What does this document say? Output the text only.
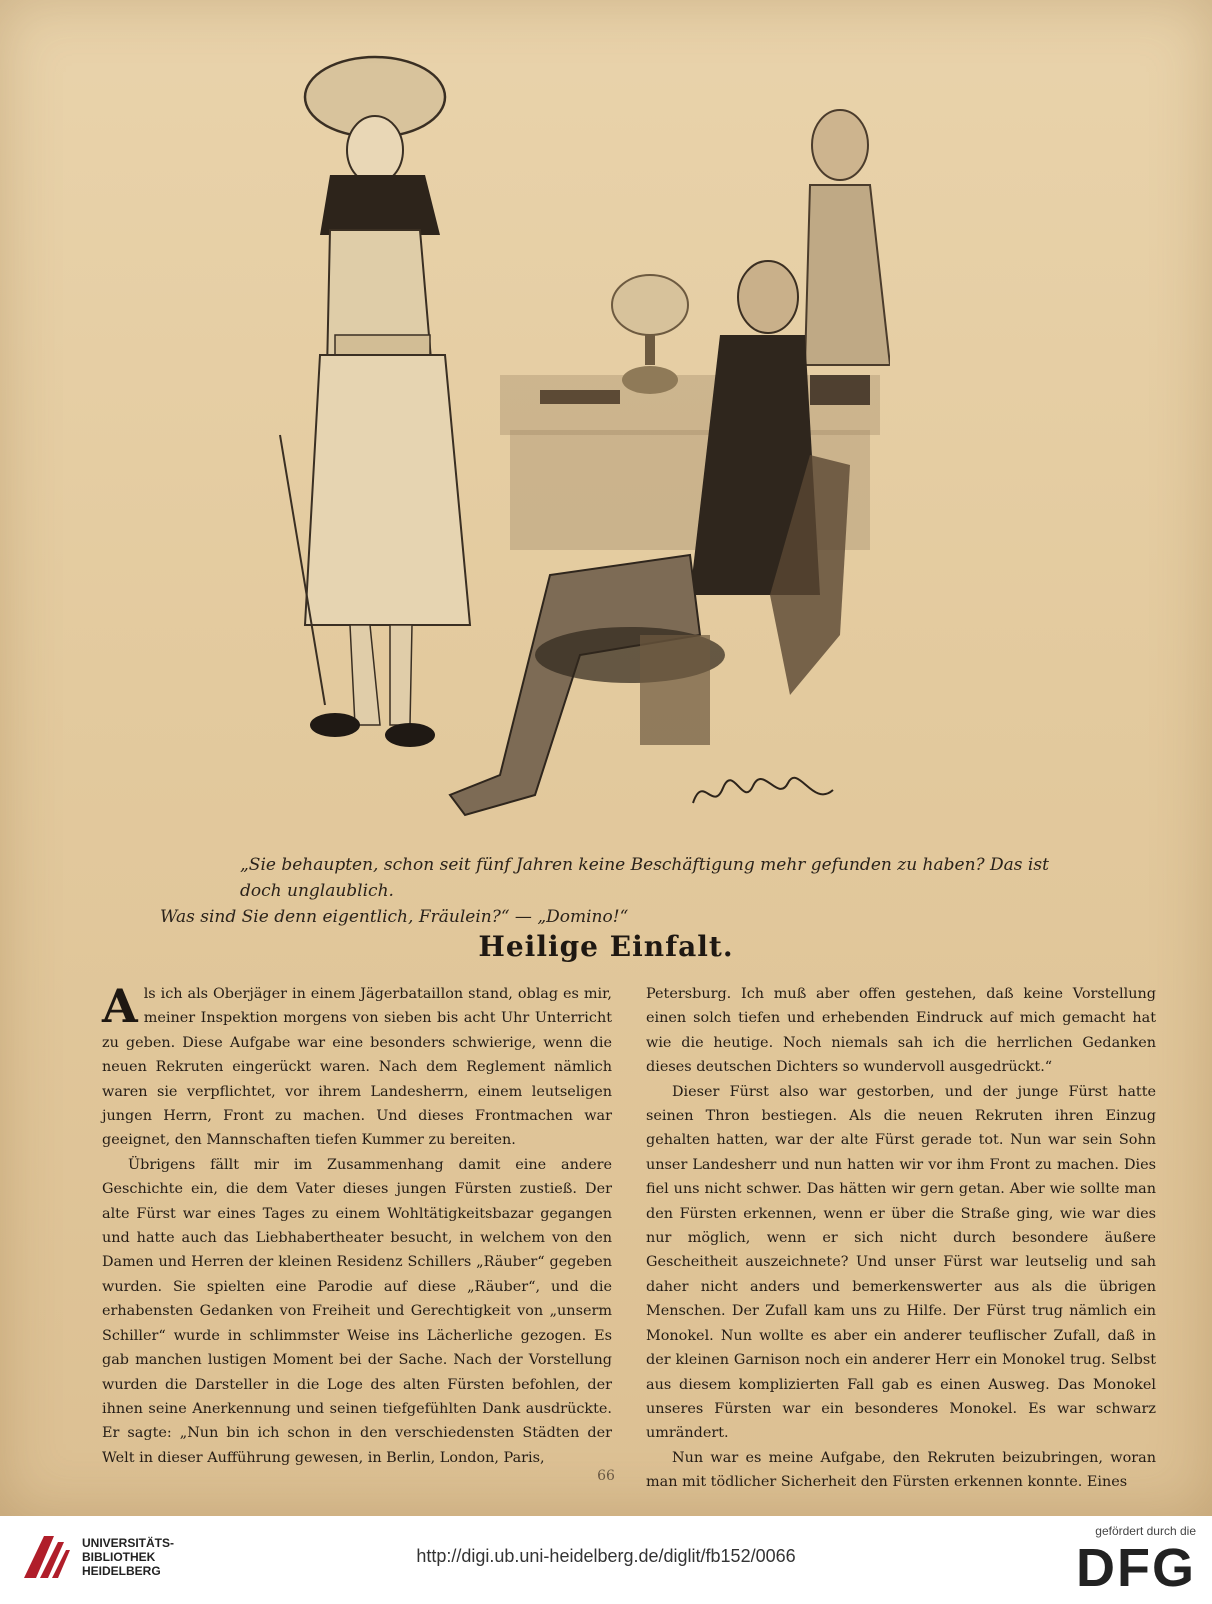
„Sie behaupten, schon seit fünf Jahren keine Beschäftigung mehr gefunden zu haben? Das ist doch unglaublich.
Was sind Sie denn eigentlich, Fräulein?“ — „Domino!“
Heilige Einfalt.

Als ich als Oberjäger in einem Jägerbataillon stand, oblag es mir, meiner Inspektion morgens von sieben bis acht Uhr Unterricht zu geben. Diese Aufgabe war eine besonders schwierige, wenn die neuen Rekruten eingerückt waren. Nach dem Reglement nämlich waren sie verpflichtet, vor ihrem Landesherrn, einem leutseligen jungen Herrn, Front zu machen. Und dieses Frontmachen war geeignet, den Mannschaften tiefen Kummer zu bereiten.

Übrigens fällt mir im Zusammenhang damit eine andere Geschichte ein, die dem Vater dieses jungen Fürsten zustieß. Der alte Fürst war eines Tages zu einem Wohltätigkeitsbazar gegangen und hatte auch das Liebhabertheater besucht, in welchem von den Damen und Herren der kleinen Residenz Schillers „Räuber“ gegeben wurden. Sie spielten eine Parodie auf diese „Räuber“, und die erhabensten Gedanken von Freiheit und Gerechtigkeit von „unserm Schiller“ wurde in schlimmster Weise ins Lächerliche gezogen. Es gab manchen lustigen Moment bei der Sache. Nach der Vorstellung wurden die Darsteller in die Loge des alten Fürsten befohlen, der ihnen seine Anerkennung und seinen tiefgefühlten Dank ausdrückte. Er sagte: „Nun bin ich schon in den verschiedensten Städten der Welt in dieser Aufführung gewesen, in Berlin, London, Paris,

Petersburg. Ich muß aber offen gestehen, daß keine Vorstellung einen solch tiefen und erhebenden Eindruck auf mich gemacht hat wie die heutige. Noch niemals sah ich die herrlichen Gedanken dieses deutschen Dichters so wundervoll ausgedrückt.“

Dieser Fürst also war gestorben, und der junge Fürst hatte seinen Thron bestiegen. Als die neuen Rekruten ihren Einzug gehalten hatten, war der alte Fürst gerade tot. Nun war sein Sohn unser Landesherr und nun hatten wir vor ihm Front zu machen. Dies fiel uns nicht schwer. Das hätten wir gern getan. Aber wie sollte man den Fürsten erkennen, wenn er über die Straße ging, wie war dies nur möglich, wenn er sich nicht durch besondere äußere Gescheitheit auszeichnete? Und unser Fürst war leutselig und sah daher nicht anders und bemerkenswerter aus als die übrigen Menschen. Der Zufall kam uns zu Hilfe. Der Fürst trug nämlich ein Monokel. Nun wollte es aber ein anderer teuflischer Zufall, daß in der kleinen Garnison noch ein anderer Herr ein Monokel trug. Selbst aus diesem komplizierten Fall gab es einen Ausweg. Das Monokel unseres Fürsten war ein besonderes Monokel. Es war schwarz umrändert.

Nun war es meine Aufgabe, den Rekruten beizubringen, woran man mit tödlicher Sicherheit den Fürsten erkennen konnte. Eines

66
UNIVERSITÄTS-
BIBLIOTHEK
HEIDELBERG
http://digi.ub.uni-heidelberg.de/diglit/fb152/0066
gefördert durch die
DFG
